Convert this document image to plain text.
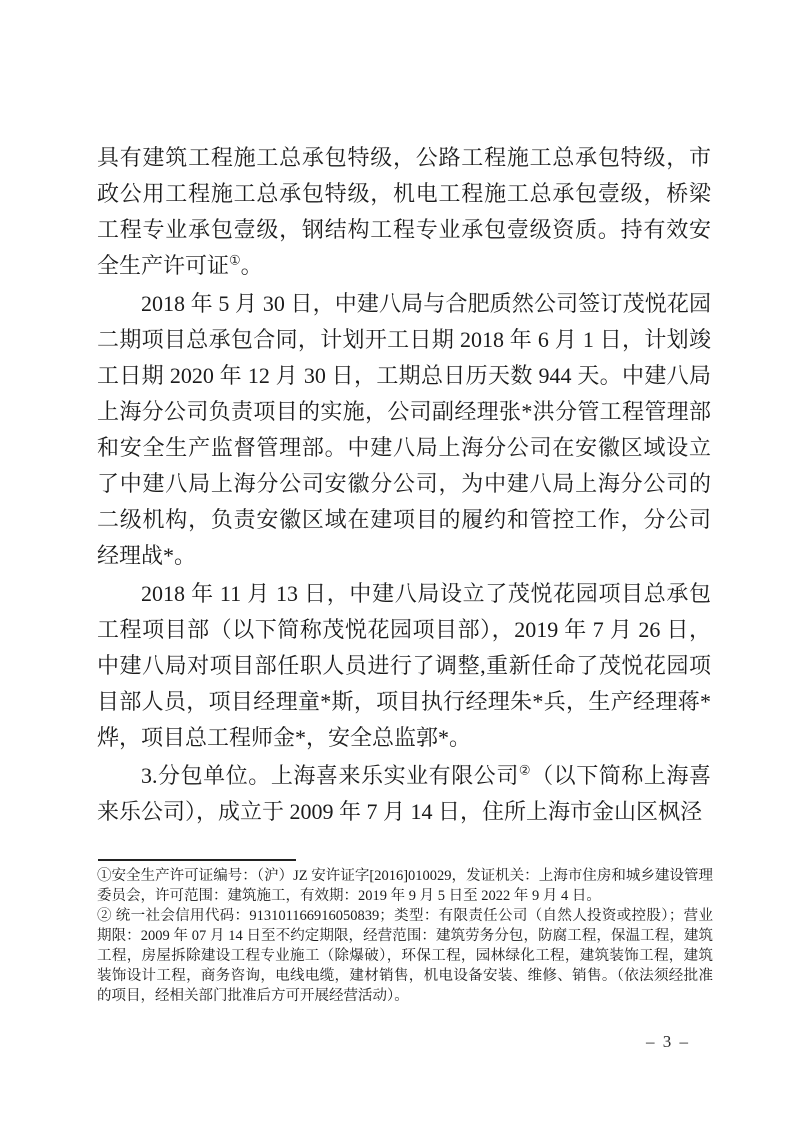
具有建筑工程施工总承包特级，公路工程施工总承包特级，市政公用工程施工总承包特级，机电工程施工总承包壹级，桥梁工程专业承包壹级，钢结构工程专业承包壹级资质。持有效安全生产许可证①。

2018 年 5 月 30 日，中建八局与合肥质然公司签订茂悦花园二期项目总承包合同，计划开工日期 2018 年 6 月 1 日，计划竣工日期 2020 年 12 月 30 日，工期总日历天数 944 天。中建八局上海分公司负责项目的实施，公司副经理张*洪分管工程管理部和安全生产监督管理部。中建八局上海分公司在安徽区域设立了中建八局上海分公司安徽分公司，为中建八局上海分公司的二级机构，负责安徽区域在建项目的履约和管控工作，分公司经理战*。

2018 年 11 月 13 日，中建八局设立了茂悦花园项目总承包工程项目部（以下简称茂悦花园项目部），2019 年 7 月 26 日，中建八局对项目部任职人员进行了调整,重新任命了茂悦花园项目部人员，项目经理童*斯，项目执行经理朱*兵，生产经理蒋*烨，项目总工程师金*，安全总监郭*。

3.分包单位。上海喜来乐实业有限公司②（以下简称上海喜来乐公司），成立于 2009 年 7 月 14 日，住所上海市金山区枫泾

①安全生产许可证编号：（沪）JZ 安许证字[2016]010029，发证机关：上海市住房和城乡建设管理委员会，许可范围：建筑施工，有效期：2019 年 9 月 5 日至 2022 年 9 月 4 日。

② 统一社会信用代码：913101166916050839；类型：有限责任公司（自然人投资或控股）；营业期限：2009 年 07 月 14 日至不约定期限，经营范围：建筑劳务分包，防腐工程，保温工程，建筑工程，房屋拆除建设工程专业施工（除爆破），环保工程，园林绿化工程，建筑装饰工程，建筑装饰设计工程，商务咨询，电线电缆，建材销售，机电设备安装、维修、销售。（依法须经批准的项目，经相关部门批准后方可开展经营活动）。

– 3 –
